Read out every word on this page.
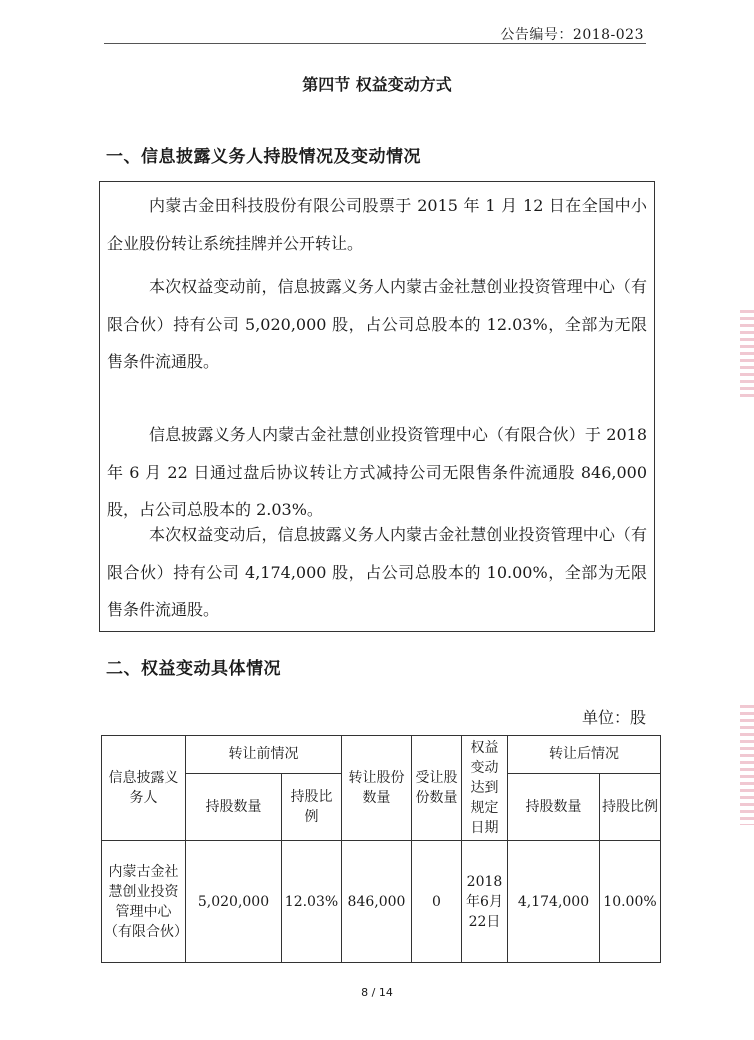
公告编号：2018-023
第四节 权益变动方式
一、信息披露义务人持股情况及变动情况

内蒙古金田科技股份有限公司股票于 2015 年 1 月 12 日在全国中小企业股份转让系统挂牌并公开转让。

本次权益变动前，信息披露义务人内蒙古金社慧创业投资管理中心（有限合伙）持有公司 5,020,000 股，占公司总股本的 12.03%，全部为无限售条件流通股。

信息披露义务人内蒙古金社慧创业投资管理中心（有限合伙）于 2018 年 6 月 22 日通过盘后协议转让方式减持公司无限售条件流通股 846,000 股，占公司总股本的 2.03%。

本次权益变动后，信息披露义务人内蒙古金社慧创业投资管理中心（有限合伙）持有公司 4,174,000 股，占公司总股本的 10.00%，全部为无限售条件流通股。

二、权益变动具体情况
单位：股
信息披露义务人	转让前情况		转让股份数量	受让股份数量	权益变动达到规定日期	转让后情况	
	持股数量	持股比例				持股数量	持股比例
内蒙古金社慧创业投资管理中心（有限合伙）	5,020,000	12.03%	846,000	0	2018年6月22日	4,174,000	10.00%
8 / 14
